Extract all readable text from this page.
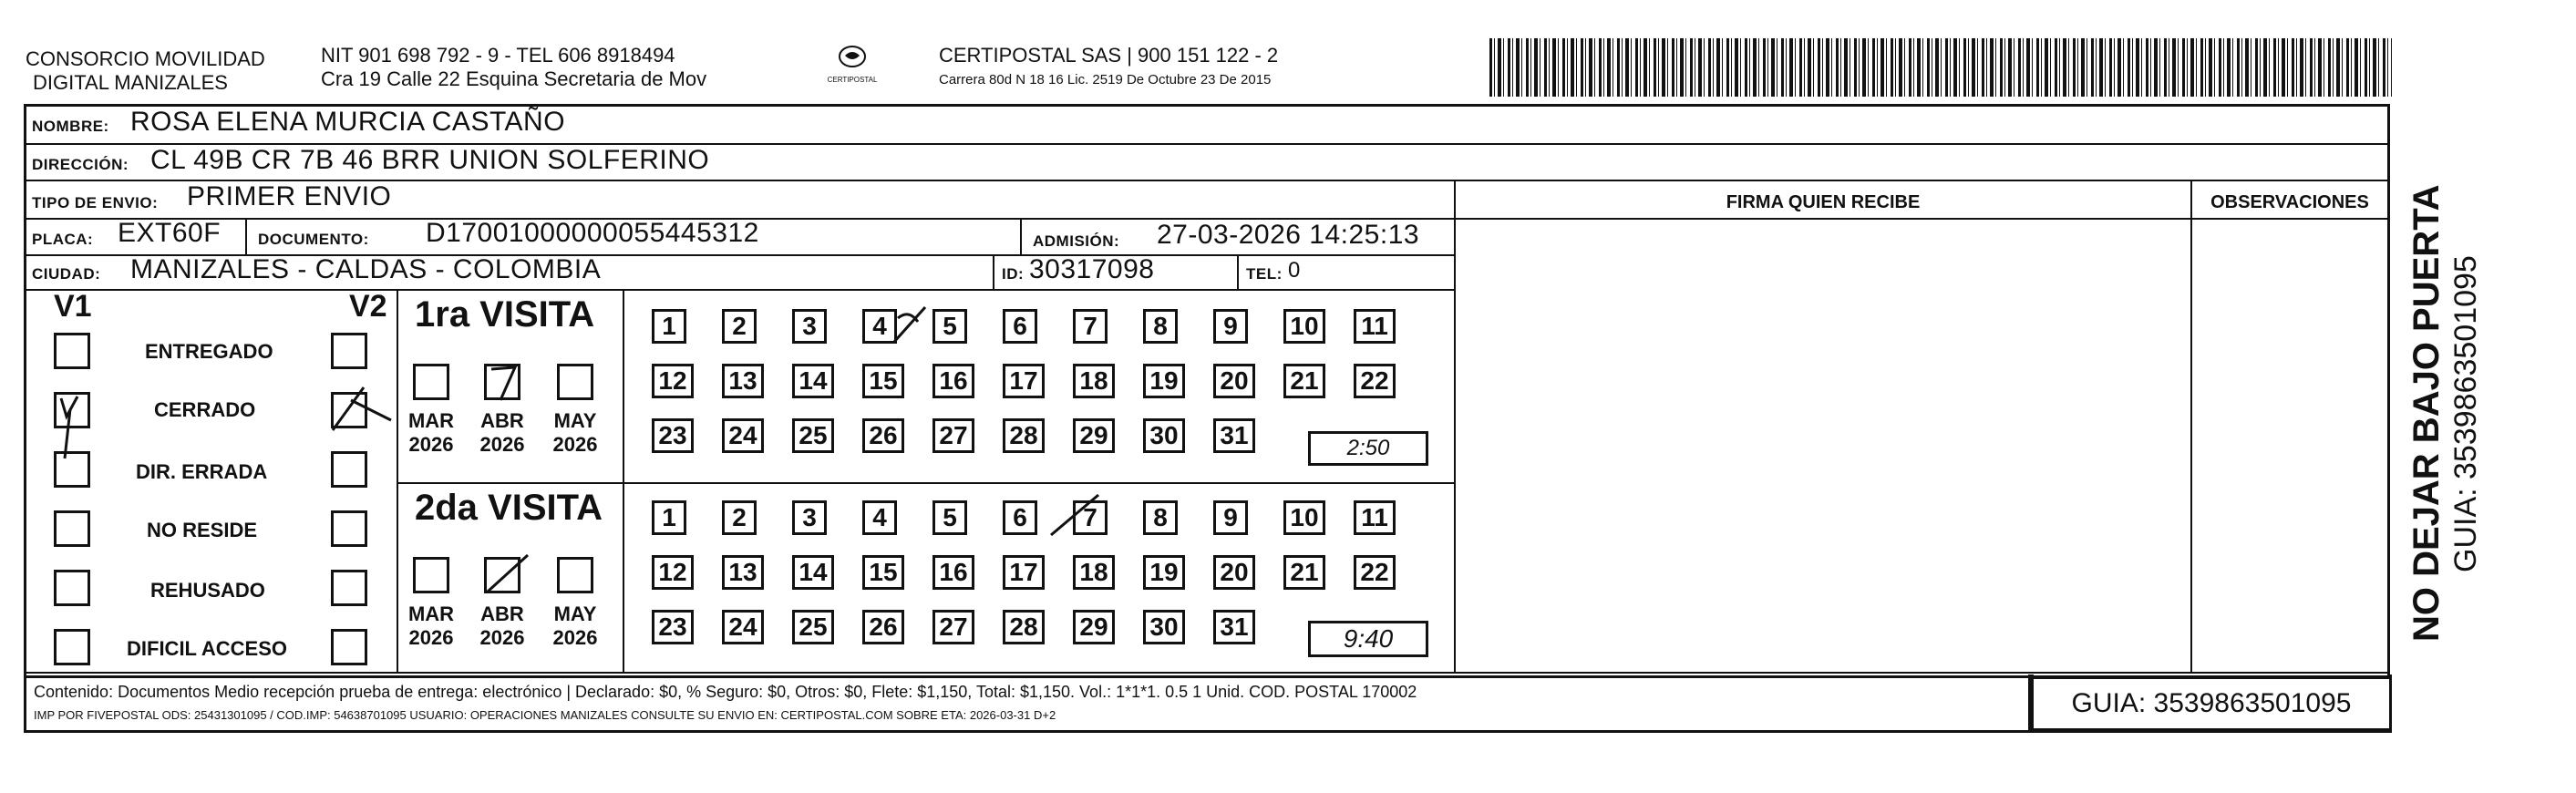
CONSORCIO MOVILIDAD
DIGITAL MANIZALES
NIT 901 698 792 - 9 - TEL 606 8918494
Cra 19 Calle 22 Esquina Secretaria de Mov	CERTIPOSTAL
CERTIPOSTAL SAS | 900 151 122 - 2
Carrera 80d N 18 16 Lic. 2519 De Octubre 23 De 2015
NOMBRE: ROSA ELENA MURCIA CASTAÑO
DIRECCIÓN: CL 49B CR 7B 46 BRR UNION SOLFERINO
TIPO DE ENVIO: PRIMER ENVIO
PLACA: EXT60F DOCUMENTO: D17001000000055445312	ADMISIÓN: 27-03-2026 14:25:13
CIUDAD: MANIZALES - CALDAS - COLOMBIA	ID: 30317098	TEL: 0
FIRMA QUIEN RECIBE	OBSERVACIONES
V1	V2
ENTREGADO
CERRADO
DIR. ERRADA
NO RESIDE
REHUSADO
DIFICIL ACCESO
1ra VISITA
MAR
2026
ABR
2026
MAY
2026
1	2	3	4	5	6	7	8	9	10 11
12 13 14 15 16 17 18 19 20 21 22
23 24 25 26 27 28 29 30 31	2:50
2da VISITA
MAR
2026
ABR
2026
MAY
2026
1	2	3	4	5	6	7	8	9	10 11
12 13 14 15 16 17 18 19 20 21 22
23 24 25 26 27 28 29 30 31	9:40
Contenido: Documentos Medio recepción prueba de entrega: electrónico | Declarado: $0, % Seguro: $0, Otros: $0, Flete: $1,150, Total: $1,150. Vol.: 1*1*1. 0.5 1 Unid. COD. POSTAL 170002
IMP POR FIVEPOSTAL ODS: 25431301095 / COD.IMP: 54638701095 USUARIO: OPERACIONES MANIZALES CONSULTE SU ENVIO EN: CERTIPOSTAL.COM SOBRE ETA: 2026-03-31 D+2	GUIA: 3539863501095
NO DEJAR BAJO PUERTA GUIA: 3539863501095
